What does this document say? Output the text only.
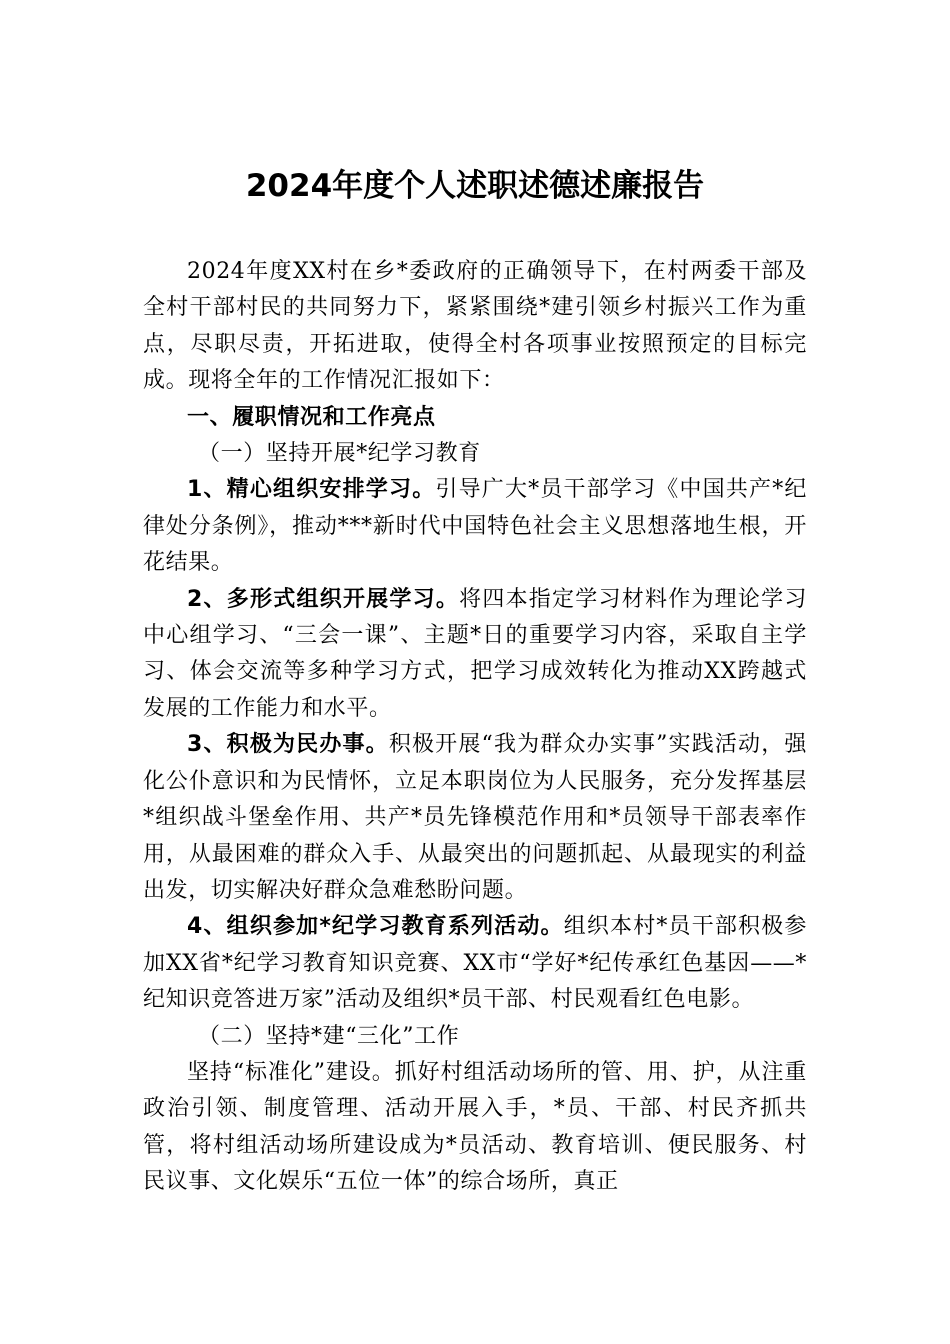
2024年度个人述职述德述廉报告

2024年度XX村在乡*委政府的正确领导下，在村两委干部及全村干部村民的共同努力下，紧紧围绕*建引领乡村振兴工作为重点，尽职尽责，开拓进取，使得全村各项事业按照预定的目标完成。现将全年的工作情况汇报如下：

一、履职情况和工作亮点

（一）坚持开展*纪学习教育

1、精心组织安排学习。引导广大*员干部学习《中国共产*纪律处分条例》，推动***新时代中国特色社会主义思想落地生根，开花结果。

2、多形式组织开展学习。将四本指定学习材料作为理论学习中心组学习、“三会一课”、主题*日的重要学习内容，采取自主学习、体会交流等多种学习方式，把学习成效转化为推动XX跨越式发展的工作能力和水平。

3、积极为民办事。积极开展“我为群众办实事”实践活动，强化公仆意识和为民情怀，立足本职岗位为人民服务，充分发挥基层*组织战斗堡垒作用、共产*员先锋模范作用和*员领导干部表率作用，从最困难的群众入手、从最突出的问题抓起、从最现实的利益出发，切实解决好群众急难愁盼问题。

4、组织参加*纪学习教育系列活动。组织本村*员干部积极参加XX省*纪学习教育知识竞赛、XX市“学好*纪传承红色基因——*纪知识竞答进万家”活动及组织*员干部、村民观看红色电影。

（二）坚持*建“三化”工作

坚持“标准化”建设。抓好村组活动场所的管、用、护，从注重政治引领、制度管理、活动开展入手，*员、干部、村民齐抓共管，将村组活动场所建设成为*员活动、教育培训、便民服务、村民议事、文化娱乐“五位一体”的综合场所，真正
